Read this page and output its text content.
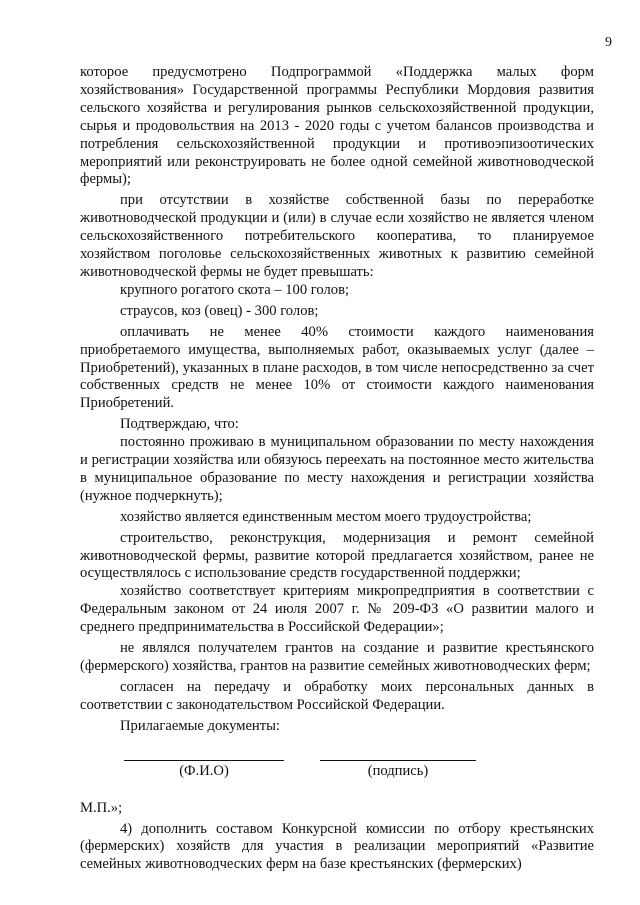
9

которое предусмотрено Подпрограммой «Поддержка малых форм хозяйствования» Государственной программы Республики Мордовия развития сельского хозяйства и регулирования рынков сельскохозяйственной продукции, сырья и продовольствия на 2013 - 2020 годы с учетом балансов производства и потребления сельскохозяйственной продукции и противоэпизоотических мероприятий или реконструировать не более одной семейной животноводческой фермы);

при отсутствии в хозяйстве собственной базы по переработке животноводческой продукции и (или) в случае если хозяйство не является членом сельскохозяйственного потребительского кооператива, то планируемое хозяйством поголовье сельскохозяйственных животных к развитию семейной животноводческой фермы не будет превышать:

крупного рогатого скота – 100 голов;

страусов, коз (овец) - 300 голов;

оплачивать не менее 40% стоимости каждого наименования приобретаемого имущества, выполняемых работ, оказываемых услуг (далее – Приобретений), указанных в плане расходов, в том числе непосредственно за счет собственных средств не менее 10% от стоимости каждого наименования Приобретений.

Подтверждаю, что:

постоянно проживаю в муниципальном образовании по месту нахождения и регистрации хозяйства или обязуюсь переехать на постоянное место жительства в муниципальное образование по месту нахождения и регистрации хозяйства (нужное подчеркнуть);

хозяйство является единственным местом моего трудоустройства;

строительство, реконструкция, модернизация и ремонт семейной животноводческой фермы, развитие которой предлагается хозяйством, ранее не осуществлялось с использование средств государственной поддержки;

хозяйство соответствует критериям микропредприятия в соответствии с Федеральным законом от 24 июля 2007 г. № 209-ФЗ «О развитии малого и среднего предпринимательства в Российской Федерации»;

не являлся получателем грантов на создание и развитие крестьянского (фермерского) хозяйства, грантов на развитие семейных животноводческих ферм;

согласен на передачу и обработку моих персональных данных в соответствии с законодательством Российской Федерации.

Прилагаемые документы:

(Ф.И.О)	(подпись)

М.П.»;

4) дополнить составом Конкурсной комиссии по отбору крестьянских (фермерских) хозяйств для участия в реализации мероприятий «Развитие семейных животноводческих ферм на базе крестьянских (фермерских)
